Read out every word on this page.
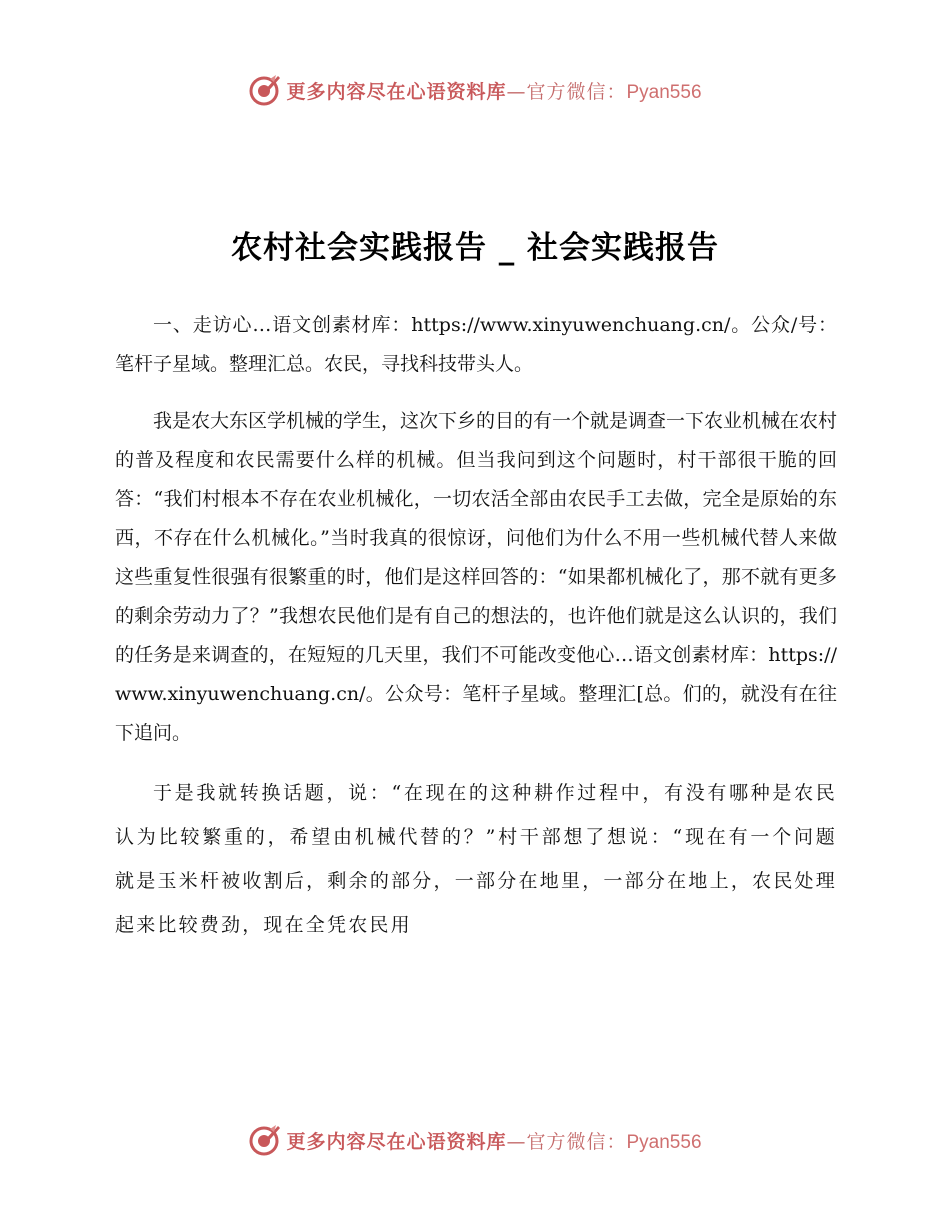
更多内容尽在心语资料库—官方微信：Pyan556
农村社会实践报告 _ 社会实践报告

一、走访心…语文创素材库：https://www.xinyuwenchuang.cn/。公众/号：笔杆子星域。整理汇总。农民，寻找科技带头人。

我是农大东区学机械的学生，这次下乡的目的有一个就是调查一下农业机械在农村的普及程度和农民需要什么样的机械。但当我问到这个问题时，村干部很干脆的回答：“我们村根本不存在农业机械化，一切农活全部由农民手工去做，完全是原始的东西，不存在什么机械化。”当时我真的很惊讶，问他们为什么不用一些机械代替人来做这些重复性很强有很繁重的时，他们是这样回答的：“如果都机械化了，那不就有更多的剩余劳动力了？”我想农民他们是有自己的想法的，也许他们就是这么认识的，我们的任务是来调查的，在短短的几天里，我们不可能改变他心…语文创素材库：https://www.xinyuwenchuang.cn/。公众号：笔杆子星域。整理汇[总。们的，就没有在往下追问。

于是我就转换话题，说：“在现在的这种耕作过程中，有没有哪种是农民认为比较繁重的，希望由机械代替的？”村干部想了想说：“现在有一个问题就是玉米杆被收割后，剩余的部分，一部分在地里，一部分在地上，农民处理起来比较费劲，现在全凭农民用

更多内容尽在心语资料库—官方微信：Pyan556
